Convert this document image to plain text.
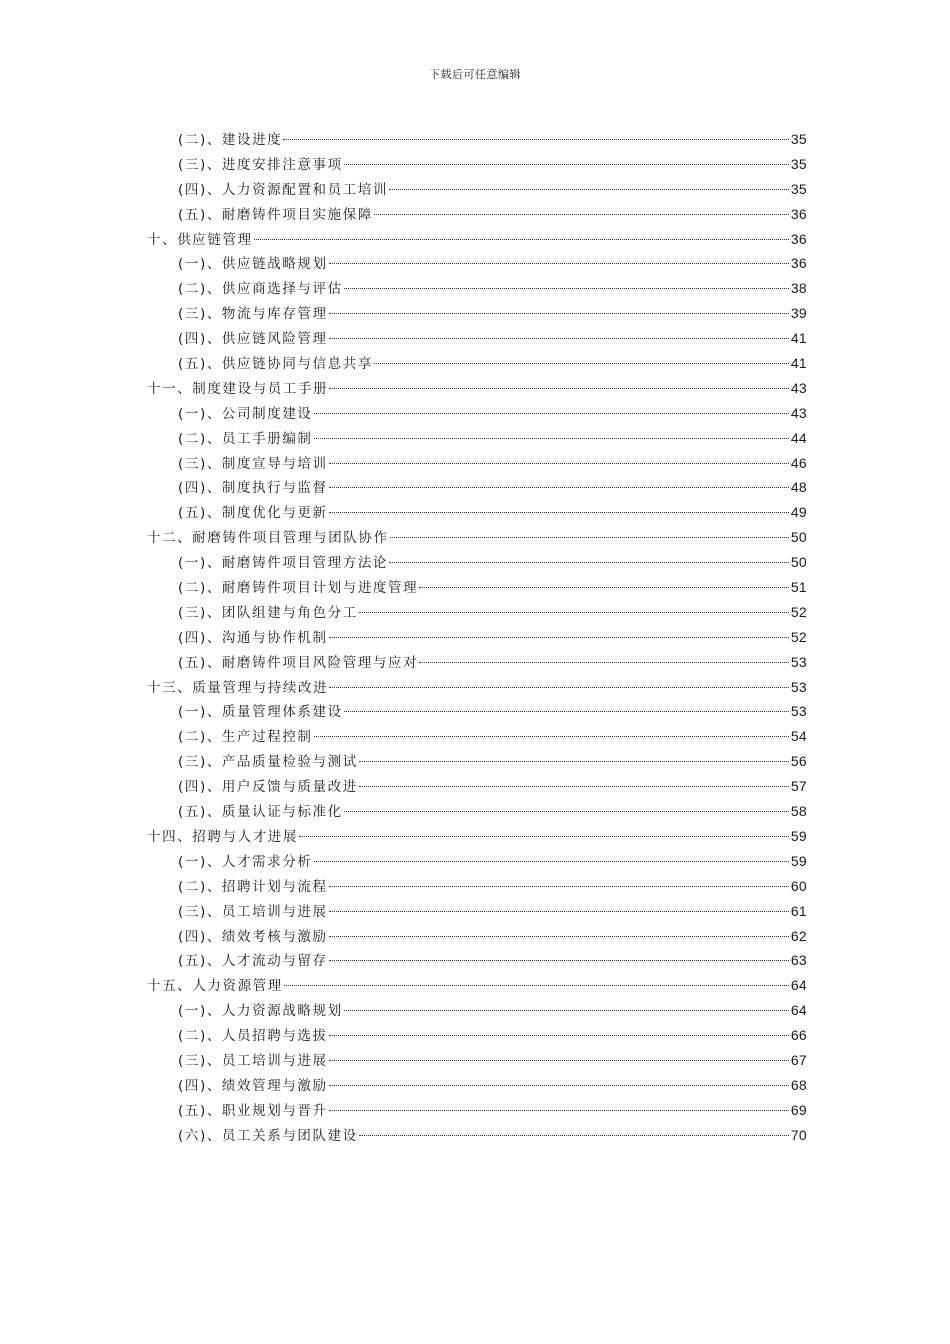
下载后可任意编辑
(二)、建设进度	35
(三)、进度安排注意事项	35
(四)、人力资源配置和员工培训	35
(五)、耐磨铸件项目实施保障	36
十、供应链管理	36
(一)、供应链战略规划	36
(二)、供应商选择与评估	38
(三)、物流与库存管理	39
(四)、供应链风险管理	41
(五)、供应链协同与信息共享	41
十一、制度建设与员工手册	43
(一)、公司制度建设	43
(二)、员工手册编制	44
(三)、制度宣导与培训	46
(四)、制度执行与监督	48
(五)、制度优化与更新	49
十二、耐磨铸件项目管理与团队协作	50
(一)、耐磨铸件项目管理方法论	50
(二)、耐磨铸件项目计划与进度管理	51
(三)、团队组建与角色分工	52
(四)、沟通与协作机制	52
(五)、耐磨铸件项目风险管理与应对	53
十三、质量管理与持续改进	53
(一)、质量管理体系建设	53
(二)、生产过程控制	54
(三)、产品质量检验与测试	56
(四)、用户反馈与质量改进	57
(五)、质量认证与标准化	58
十四、招聘与人才进展	59
(一)、人才需求分析	59
(二)、招聘计划与流程	60
(三)、员工培训与进展	61
(四)、绩效考核与激励	62
(五)、人才流动与留存	63
十五、人力资源管理	64
(一)、人力资源战略规划	64
(二)、人员招聘与选拔	66
(三)、员工培训与进展	67
(四)、绩效管理与激励	68
(五)、职业规划与晋升	69
(六)、员工关系与团队建设	70
